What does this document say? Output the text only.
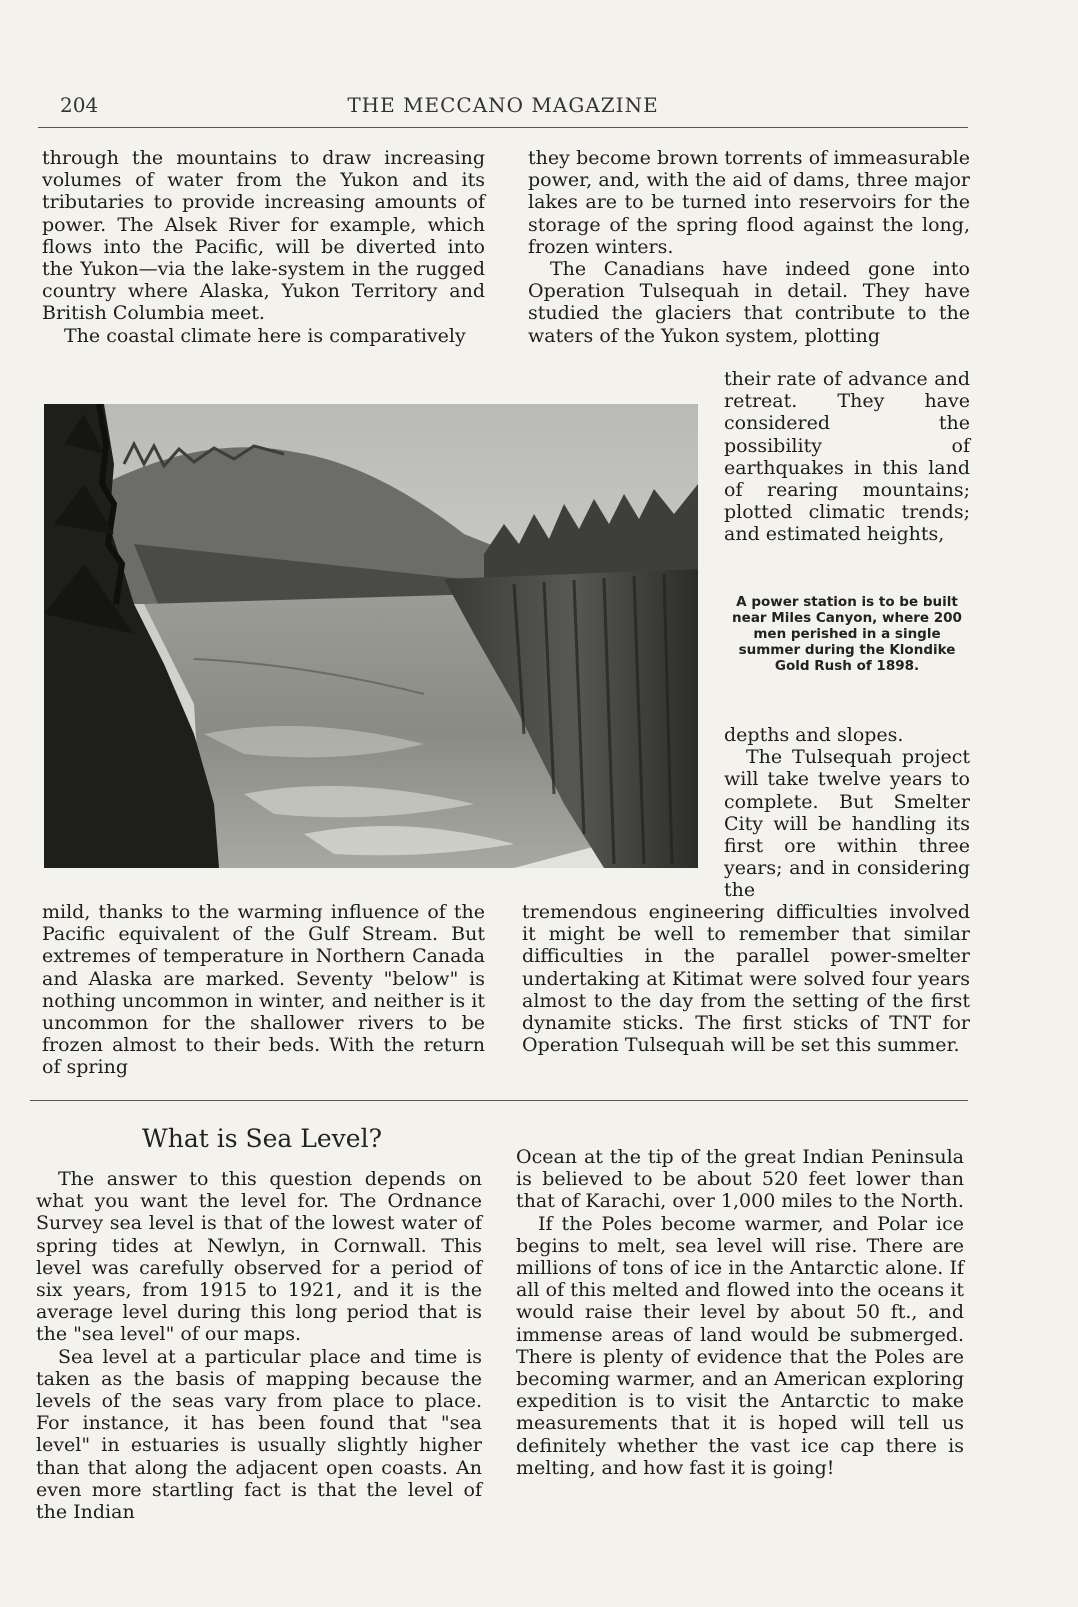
204	THE MECCANO MAGAZINE

through the mountains to draw increasing volumes of water from the Yukon and its tributaries to provide increasing amounts of power. The Alsek River for example, which flows into the Pacific, will be diverted into the Yukon—via the lake-system in the rugged country where Alaska, Yukon Territory and British Columbia meet.

The coastal climate here is comparatively

they become brown torrents of immeasurable power, and, with the aid of dams, three major lakes are to be turned into reservoirs for the storage of the spring flood against the long, frozen winters.

The Canadians have indeed gone into Operation Tulsequah in detail. They have studied the glaciers that contribute to the waters of the Yukon system, plotting

their rate of advance and retreat. They have considered the possibility of earthquakes in this land of rearing mountains; plotted climatic trends; and estimated heights,

A power station is to be built near Miles Canyon, where 200 men perished in a single summer during the Klondike Gold Rush of 1898.

depths and slopes.

The Tulsequah project will take twelve years to complete. But Smelter City will be handling its first ore within three years; and in considering the

mild, thanks to the warming influence of the Pacific equivalent of the Gulf Stream. But extremes of temperature in Northern Canada and Alaska are marked. Seventy "below" is nothing uncommon in winter, and neither is it uncommon for the shallower rivers to be frozen almost to their beds. With the return of spring

tremendous engineering difficulties involved it might be well to remember that similar difficulties in the parallel power-smelter undertaking at Kitimat were solved four years almost to the day from the setting of the first dynamite sticks. The first sticks of TNT for Operation Tulsequah will be set this summer.

What is Sea Level?

The answer to this question depends on what you want the level for. The Ordnance Survey sea level is that of the lowest water of spring tides at Newlyn, in Cornwall. This level was carefully observed for a period of six years, from 1915 to 1921, and it is the average level during this long period that is the "sea level" of our maps.

Sea level at a particular place and time is taken as the basis of mapping because the levels of the seas vary from place to place. For instance, it has been found that "sea level" in estuaries is usually slightly higher than that along the adjacent open coasts. An even more startling fact is that the level of the Indian

Ocean at the tip of the great Indian Peninsula is believed to be about 520 feet lower than that of Karachi, over 1,000 miles to the North.

If the Poles become warmer, and Polar ice begins to melt, sea level will rise. There are millions of tons of ice in the Antarctic alone. If all of this melted and flowed into the oceans it would raise their level by about 50 ft., and immense areas of land would be submerged. There is plenty of evidence that the Poles are becoming warmer, and an American exploring expedition is to visit the Antarctic to make measurements that it is hoped will tell us definitely whether the vast ice cap there is melting, and how fast it is going!
